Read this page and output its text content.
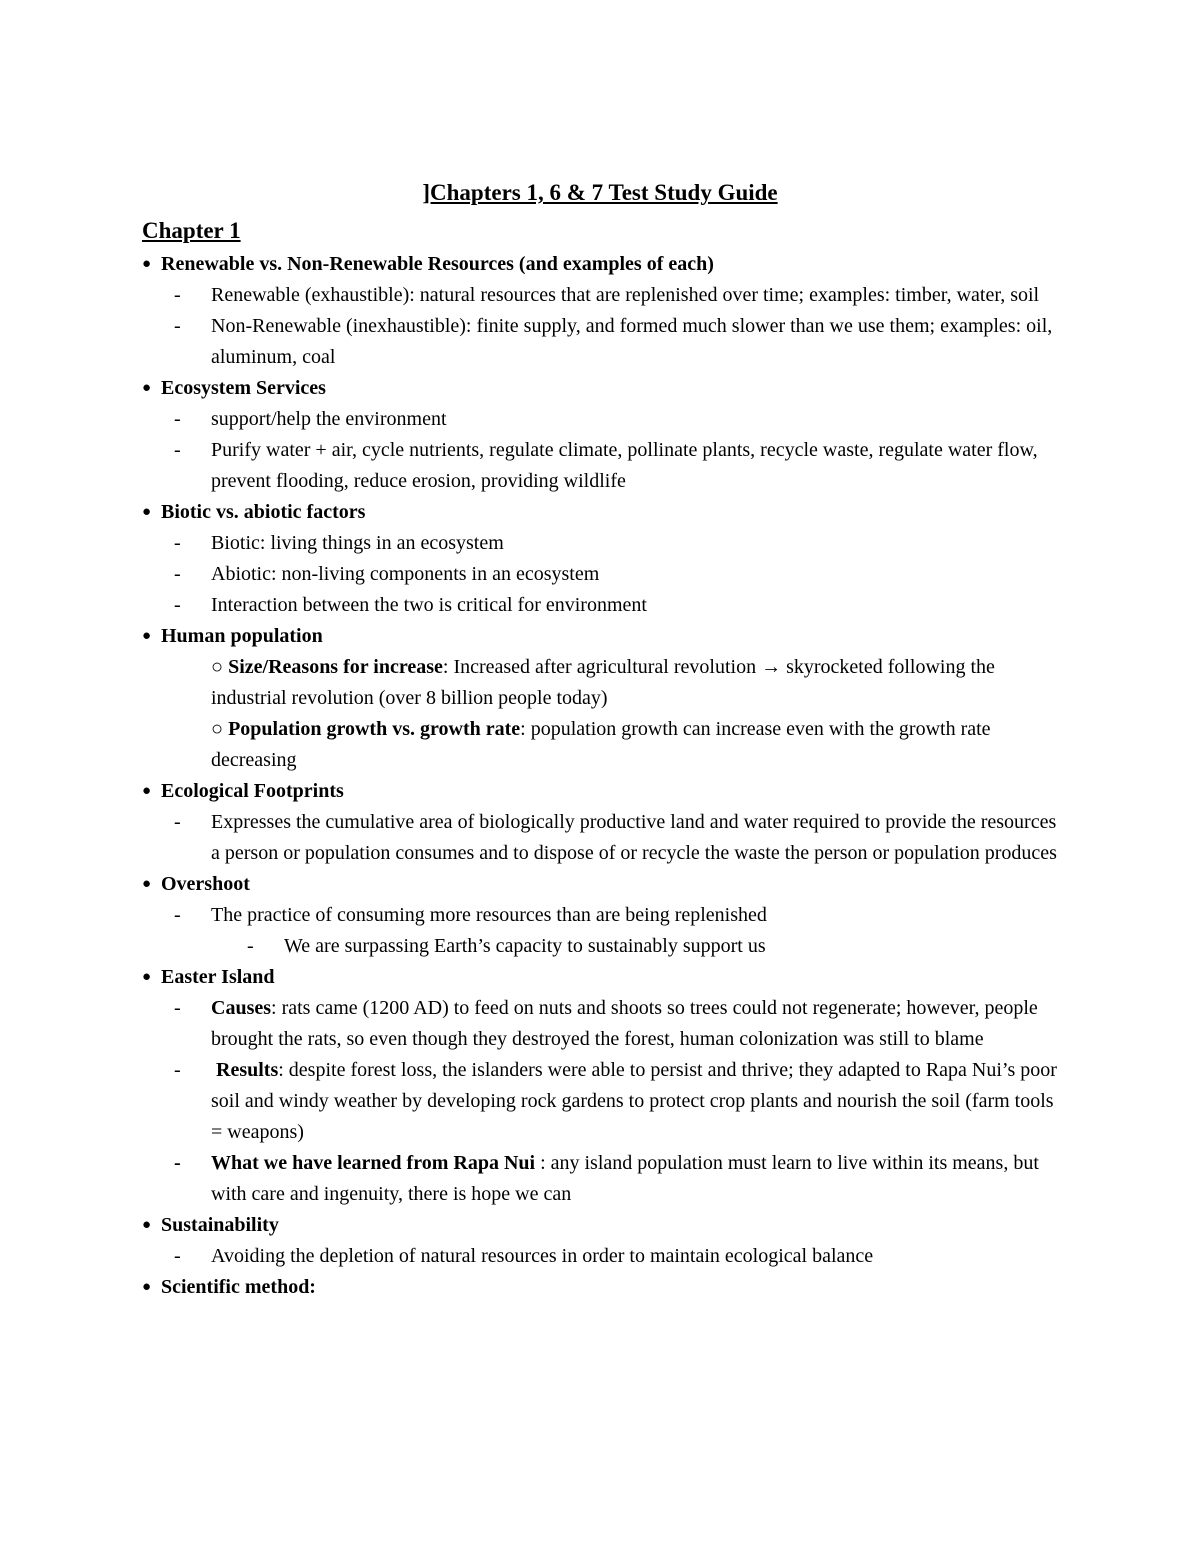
]Chapters 1, 6 & 7 Test Study Guide
Chapter 1
● Renewable vs. Non-Renewable Resources (and examples of each)
-	Renewable (exhaustible): natural resources that are replenished over time; examples: timber, water, soil
-	Non-Renewable (inexhaustible): finite supply, and formed much slower than we use them; examples: oil, aluminum, coal
● Ecosystem Services
-	support/help the environment
-	Purify water + air, cycle nutrients, regulate climate, pollinate plants, recycle waste, regulate water flow, prevent flooding, reduce erosion, providing wildlife
● Biotic vs. abiotic factors
-	Biotic: living things in an ecosystem
-	Abiotic: non-living components in an ecosystem
-	Interaction between the two is critical for environment
● Human population
○ Size/Reasons for increase: Increased after agricultural revolution → skyrocketed following the industrial revolution (over 8 billion people today)
○ Population growth vs. growth rate: population growth can increase even with the growth rate decreasing
● Ecological Footprints
-	Expresses the cumulative area of biologically productive land and water required to provide the resources a person or population consumes and to dispose of or recycle the waste the person or population produces
● Overshoot
-	The practice of consuming more resources than are being replenished
-	We are surpassing Earth’s capacity to sustainably support us
● Easter Island
-	Causes: rats came (1200 AD) to feed on nuts and shoots so trees could not regenerate; however, people brought the rats, so even though they destroyed the forest, human colonization was still to blame
-	Results: despite forest loss, the islanders were able to persist and thrive; they adapted to Rapa Nui’s poor soil and windy weather by developing rock gardens to protect crop plants and nourish the soil (farm tools = weapons)
-	What we have learned from Rapa Nui : any island population must learn to live within its means, but with care and ingenuity, there is hope we can
● Sustainability
-	Avoiding the depletion of natural resources in order to maintain ecological balance
● Scientific method:
